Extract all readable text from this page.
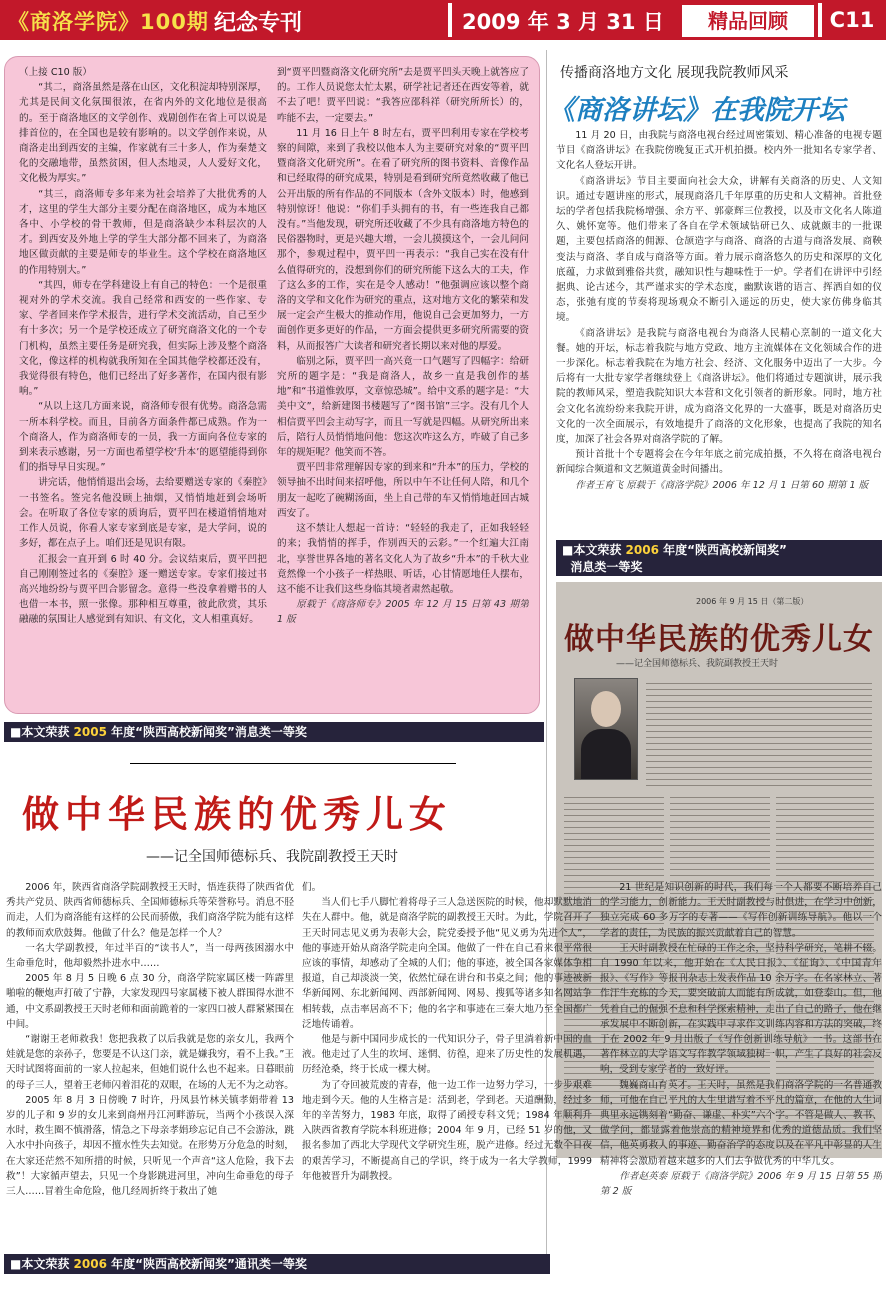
《商洛学院》100期 纪念专刊	2009 年 3 月 31 日	精品回顾	C11

（上接 C10 版）

“其二，商洛虽然是落在山区，文化积淀却特别深厚，尤其是民间文化氛围很浓，在省内外的文化地位是很高的。至于商洛地区的文学创作、戏剧创作在省上可以说是排首位的，在全国也是较有影响的。以文学创作来说，从商洛走出到西安的主编，作家就有三十多人，作为秦楚文化的交融地带，虽然贫困，但人杰地灵，人人爱好文化，文化极为厚实。”

“其三，商洛师专多年来为社会培养了大批优秀的人才，这里的学生大部分主要分配在商洛地区，成为本地区各中、小学校的骨干教师，但是商洛缺少本科层次的人才。到西安及外地上学的学生大部分都不回来了，为商洛地区做贡献的主要是师专的毕业生。这个学校在商洛地区的作用特别大。”

“其四，师专在学科建设上有自己的特色：一个是很重视对外的学术交流。我自己经常和西安的一些作家、专家、学者回来作学术报告，进行学术交流活动，自己至少有十多次；另一个是学校还成立了研究商洛文化的一个专门机构，虽然主要任务是研究我，但实际上涉及整个商洛文化，像这样的机构就我所知在全国其他学校都还没有，我觉得很有特色，他们已经出了好多著作，在国内很有影响。”

“从以上这几方面来说，商洛师专很有优势。商洛急需一所本科学校。而且，目前各方面条件都已成熟。作为一个商洛人，作为商洛师专的一员，我一方面向各位专家的到来表示感谢，另一方面也希望学校‘升本’的愿望能得到你们的指导早日实现。”

讲完话，他悄悄退出会场，去给要赠送专家的《秦腔》一书签名。签完名他没顾上抽烟，又悄悄地赶到会场听会。在听取了各位专家的质询后，贾平凹在楼道悄悄地对工作人员说，你看人家专家到底是专家，是大学问，说的多好，都在点子上。咱们还是见识有限。

汇报会一直开到 6 时 40 分。会议结束后，贾平凹把自己刚刚签过名的《秦腔》逐一赠送专家。专家们接过书高兴地纷纷与贾平凹合影留念。意得一些没拿着赠书的人也借一本书，照一张像。那种相互尊重，彼此欣赏，其乐融融的氛围让人感觉到有知识、有文化，文人相重真好。

到“贾平凹暨商洛文化研究所”去是贾平凹头天晚上就答应了的。工作人员说您太忙太累，研学社记者还在西安等着，就不去了吧！贾平凹说：“我答应邵科祥（研究所所长）的，咋能不去，一定要去。”

11 月 16 日上午 8 时左右，贾平凹利用专家在学校考察的间隙，来到了我校以他本人为主要研究对象的“贾平凹暨商洛文化研究所”。在看了研究所的图书资料、音像作品和已经取得的研究成果，特别是看到研究所竟然收藏了他已公开出版的所有作品的不同版本（含外文版本）时，他感到特别惊讶！他说：“你们手头拥有的书，有一些连我自己都没有。”当他发现，研究所还收藏了不少具有商洛地方特色的民俗器物时，更是兴趣大增，一会儿摸摸这个，一会儿问问那个，参观过程中，贾平凹一再表示：“我自己实在没有什么值得研究的，没想到你们的研究所能下这么大的工夫，作了这么多的工作，实在是令人感动！”他强调应该以整个商洛的文学和文化作为研究的重点，这对地方文化的繁荣和发展一定会产生极大的推动作用，他说自己会更加努力，一方面创作更多更好的作品，一方面会提供更多研究所需要的资料，从而报答广大读者和研究者长期以来对他的厚爱。

临别之际，贾平凹一高兴竟一口气题写了四幅字：给研究所的题字是：“我是商洛人，故乡一直是我创作的基地”和“书道惟敦厚，文章惊恐城”。给中文系的题字是：“大美中文”，给新建图书楼题写了“图书馆”三字。没有几个人相信贾平凹会主动写字，而且一写就是四幅。从研究所出来后，陪行人员悄悄地问他：您这次咋这么方，咋破了自己多年的规矩呢？他笑而不答。

贾平凹非常理解因专家的到来和“升本”的压力，学校的领导抽不出时间来招呼他，所以中午不让任何人陪，和几个朋友一起吃了碗糊汤面，坐上自己带的车又悄悄地赶回古城西安了。

这不禁让人想起一首诗：“轻轻的我走了，正如我轻轻的来；我悄悄的挥手，作别西天的云彩。”一个红遍大江南北，享誉世界各地的著名文化人为了故乡“升本”的千秋大业竟然像一个小孩子一样热眼、听话，心甘情愿地任人摆布，这不能不让我们这些身临其境者肃然起敬。

原载于《商洛师专》2005 年 12 月 15 日第 43 期第 1 版

■本文荣获 2005 年度“陕西高校新闻奖”消息类一等奖
传播商洛地方文化 展现我院教师风采
《商洛讲坛》在我院开坛

11 月 20 日，由我院与商洛电视台经过周密策划、精心准备的电视专题节目《商洛讲坛》在我院傍晚复正式开机拍摄。校内外一批知名专家学者、文化名人登坛开讲。

《商洛讲坛》节目主要面向社会大众，讲解有关商洛的历史、人文知识。通过专题讲座的形式，展现商洛几千年厚重的历史和人文精神。首批登坛的学者包括我院杨增强、余方平、郭豪辉三位教授，以及市文化名人陈道久、姚怀宽等。他们带来了各自在学术领域钻研已久、成就颇丰的一批课题，主要包括商洛的佣源、仓颉造字与商洛、商洛的古道与商洛发展、商鞅变法与商洛、孝自成与商洛等方面。着力展示商洛悠久的历史和深厚的文化底蕴，力求做到雅俗共赏，融知识性与趣味性于一炉。学者们在讲评中引经据典、论古述今，其严谨求实的学术态度，幽默诙谐的语言、挥洒自如的仪态，张弛有度的节奏将现场观众不断引入遥远的历史，使大家仿佛身临其境。

《商洛讲坛》是我院与商洛电视台为商洛人民精心烹制的一道文化大餐。她的开坛，标志着我院与地方党政、地方主流媒体在文化领域合作的进一步深化。标志着我院在为地方社会、经济、文化服务中迈出了一大步。今后将有一大批专家学者继续登上《商洛讲坛》。他们将通过专题演讲，展示我院的教师风采，塑造我院知识大本营和文化引领者的新形象。同时，地方社会文化名流纷纷来我院开讲，成为商洛文化界的一大盛事，既是对商洛历史文化的一次全面展示，有效地提升了商洛的文化形象，也提高了我院的知名度，加深了社会各界对商洛学院的了解。

预计首批十个专题将会在今年年底之前完成拍摄，不久将在商洛电视台新闻综合频道和文艺频道黄金时间播出。

作者王育飞 原载于《商洛学院》2006 年 12 月 1 日第 60 期第 1 版

■本文荣获 2006 年度“陕西高校新闻奖”
消息类一等奖
2006 年 9 月 15 日（第二版）
做中华民族的优秀儿女
——记全国师德标兵、我院副教授王天时
做中华民族的优秀儿女
——记全国师德标兵、我院副教授王天时

2006 年，陕西省商洛学院副教授王天时，悟连获得了陕西省优秀共产党员、陕西省师德标兵、全国师德标兵等荣誉称号。消息不胫而走，人们为商洛能有这样的公民而骄傲，我们商洛学院为能有这样的教师而欢欣鼓舞。他做了什么？他是怎样一个人？

一名大学副教授，年过半百的“读书人”，当一母两孩困溺水中生命垂危时，他却毅然扑进水中……

2005 年 8 月 5 日晚 6 点 30 分，商洛学院家属区楼一阵霹里啪啦的鞭炮声打破了宁静，大家发现四号家属楼下被人群围得水泄不通，中文系副教授王天时老师和面前跪着的一家四口被人群紧紧围在中间。

“谢谢王老师救我！您把我救了以后我就是您的亲女儿，我两个娃就是您的亲孙子，您要是不认这门亲，就是嫌我穷，看不上我。”王天时试图将面前的一家人拉起来，但她们说什么也不起来。日暮眼前的母子三人，望着王老师闪着泪花的双眼，在场的人无不为之动容。

2005 年 8 月 3 日傍晚 7 时许，丹凤县竹林关镇孝娟带着 13 岁的儿子和 9 岁的女儿来到商州丹江河畔游玩，当两个小孩误入深水时，救生圈不慎滑落，情急之下母亲孝娟珍忘记自己不会游泳，跳入水中扑向孩子，却因不擅水性失去知觉。在形势万分危急的时刻，在大家还茫然不知所措的时候，只听见一个声音“这人危险，我下去救”！大家循声望去，只见一个身影跳进河里，冲向生命垂危的母子三人……冒着生命危险，他几经周折终于救出了她

们。

当人们七手八脚忙着将母子三人急送医院的时候，他却默默地消失在人群中。他，就是商洛学院的副教授王天时。为此，学院召开了王天时同志见义勇为表彰大会，院党委授予他“见义勇为先进个人”，他的事迹开始从商洛学院走向全国。他做了一件在自己看来很平常很应该的事情，却感动了全城的人们；他的事迹，被全国各家媒体争相报道，自己却淡淡一笑，依然忙碌在讲台和书桌之间；他的事迹被新华新闻网、东北新闻网、西部新闻网、网易、搜狐等诸多知名网站争相转载，点击率居高不下；他的名字和事迹在三秦大地乃至全国都广泛地传诵着。

他是与新中国同步成长的一代知识分子，骨子里淌着新中国的血液。他走过了人生的坎坷、迷惘、彷徨，迎来了历史性的发展机遇，历经沧桑，终于长成一棵大树。

为了夺回被荒废的青春，他一边工作一边努力学习，一步步艰难地走到今天。他的人生格言是：活到老，学到老。天道酬勤，经过多年的辛苦努力，1983 年底，取得了函授专科文凭；1984 年顺利升入陕西省教育学院本科班进修；2004 年 9 月，已经 51 岁的他，又报名参加了西北大学现代文学研究生班，脱产进修。经过无数个日夜的艰苦学习，不断提高自己的学识，终于成为一名大学教师，1999 年他被晋升为副教授。

21 世纪是知识创新的时代，我们每一个人都要不断培养自己的学习能力，创新能力。王天时副教授与时俱进，在学习中创新，独立完成 60 多万字的专著——《写作创新训练导航》。他以一个学者的责任，为民族的振兴贡献着自己的智慧。

王天时副教授在忙碌的工作之余，坚持科学研究，笔耕不辍。自 1990 年以来，他开始在《人民日报》、《征询》、《中国青年报》、《写作》等报刊杂志上发表作品 10 余万字。在名家林立、著作汗牛充栋的今天，要突破前人而能有所成就，如登泰山。但，他凭着自己的倔强不息和科学探索精神，走出了自己的路子，他在继承发展中不断创新，在实践中寻求作文训练内容和方法的突破，终于在 2002 年 9 月出版了《写作创新训练导航》一书。这部书在著作林立的大学语文写作教学领域独树一帜，产生了良好的社会反响，受到专家学者的一致好评。

魏巍商山育英才。王天时，虽然是我们商洛学院的一名普通教师，可他在自己平凡的人生里谱写着不平凡的篇章，在他的人生词典里永远镌刻着“勤奋、谦虚、朴实”六个字。不管是做人、教书、做学问，都显露着他崇高的精神境界和优秀的道德品质。我们坚信，他英勇救人的事迹、勤奋治学的态度以及在平凡中彰显的人生精神将会激励着越来越多的人们去争做优秀的中华儿女。

作者赵英泰 原载于《商洛学院》2006 年 9 月 15 日第 55 期第 2 版

■本文荣获 2006 年度“陕西高校新闻奖”通讯类一等奖
